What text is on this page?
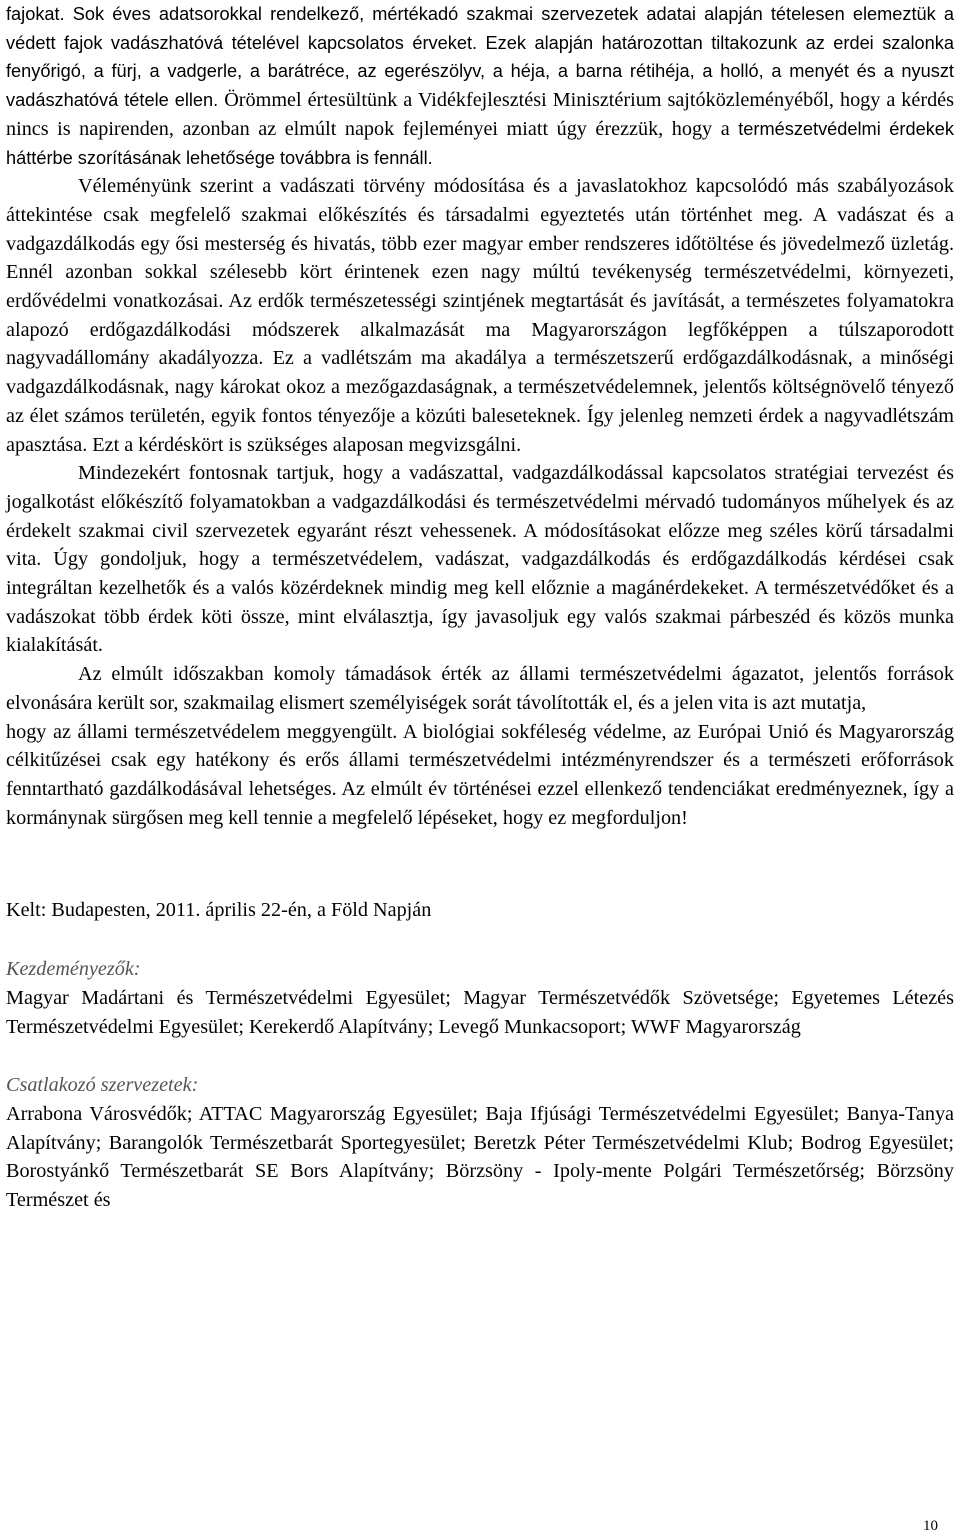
fajokat. Sok éves adatsorokkal rendelkező, mértékadó szakmai szervezetek adatai alapján tételesen elemeztük a védett fajok vadászhatóvá tételével kapcsolatos érveket. Ezek alapján határozottan tiltakozunk az erdei szalonka fenyőrigó, a fürj, a vadgerle, a barátréce, az egerészölyv, a héja, a barna rétihéja, a holló, a menyét és a nyuszt vadászhatóvá tétele ellen. Örömmel értesültünk a Vidékfejlesztési Minisztérium sajtóközleményéből, hogy a kérdés nincs is napirenden, azonban az elmúlt napok fejleményei miatt úgy érezzük, hogy a természetvédelmi érdekek háttérbe szorításának lehetősége továbbra is fennáll.

Véleményünk szerint a vadászati törvény módosítása és a javaslatokhoz kapcsolódó más szabályozások áttekintése csak megfelelő szakmai előkészítés és társadalmi egyeztetés után történhet meg. A vadászat és a vadgazdálkodás egy ősi mesterség és hivatás, több ezer magyar ember rendszeres időtöltése és jövedelmező üzletág. Ennél azonban sokkal szélesebb kört érintenek ezen nagy múltú tevékenység természetvédelmi, környezeti, erdővédelmi vonatkozásai. Az erdők természetességi szintjének megtartását és javítását, a természetes folyamatokra alapozó erdőgazdálkodási módszerek alkalmazását ma Magyarországon legfőképpen a túlszaporodott nagyvadállomány akadályozza. Ez a vadlétszám ma akadálya a természetszerű erdőgazdálkodásnak, a minőségi vadgazdálkodásnak, nagy károkat okoz a mezőgazdaságnak, a természetvédelemnek, jelentős költségnövelő tényező az élet számos területén, egyik fontos tényezője a közúti baleseteknek. Így jelenleg nemzeti érdek a nagyvadlétszám apasztása. Ezt a kérdéskört is szükséges alaposan megvizsgálni.

Mindezekért fontosnak tartjuk, hogy a vadászattal, vadgazdálkodással kapcsolatos stratégiai tervezést és jogalkotást előkészítő folyamatokban a vadgazdálkodási és természetvédelmi mérvadó tudományos műhelyek és az érdekelt szakmai civil szervezetek egyaránt részt vehessenek. A módosításokat előzze meg széles körű társadalmi vita. Úgy gondoljuk, hogy a természetvédelem, vadászat, vadgazdálkodás és erdőgazdálkodás kérdései csak integráltan kezelhetők és a valós közérdeknek mindig meg kell előznie a magánérdekeket. A természetvédőket és a vadászokat több érdek köti össze, mint elválasztja, így javasoljuk egy valós szakmai párbeszéd és közös munka kialakítását.

Az elmúlt időszakban komoly támadások érték az állami természetvédelmi ágazatot, jelentős források elvonására került sor, szakmailag elismert személyiségek sorát távolították el, és a jelen vita is azt mutatja,
hogy az állami természetvédelem meggyengült. A biológiai sokféleség védelme, az Európai Unió és Magyarország célkitűzései csak egy hatékony és erős állami természetvédelmi intézményrendszer és a természeti erőforrások fenntartható gazdálkodásával lehetséges. Az elmúlt év történései ezzel ellenkező tendenciákat eredményeznek, így a kormánynak sürgősen meg kell tennie a megfelelő lépéseket, hogy ez megforduljon!

Kelt: Budapesten, 2011. április 22-én, a Föld Napján

Kezdeményezők:

Magyar Madártani és Természetvédelmi Egyesület; Magyar Természetvédők Szövetsége; Egyetemes Létezés Természetvédelmi Egyesület; Kerekerdő Alapítvány; Levegő Munkacsoport; WWF Magyarország

Csatlakozó szervezetek:

Arrabona Városvédők; ATTAC Magyarország Egyesület; Baja Ifjúsági Természetvédelmi Egyesület; Banya-Tanya Alapítvány; Barangolók Természetbarát Sportegyesület; Beretzk Péter Természetvédelmi Klub; Bodrog Egyesület; Borostyánkő Természetbarát SE Bors Alapítvány; Börzsöny - Ipoly-mente Polgári Természetőrség; Börzsöny Természet és

10
